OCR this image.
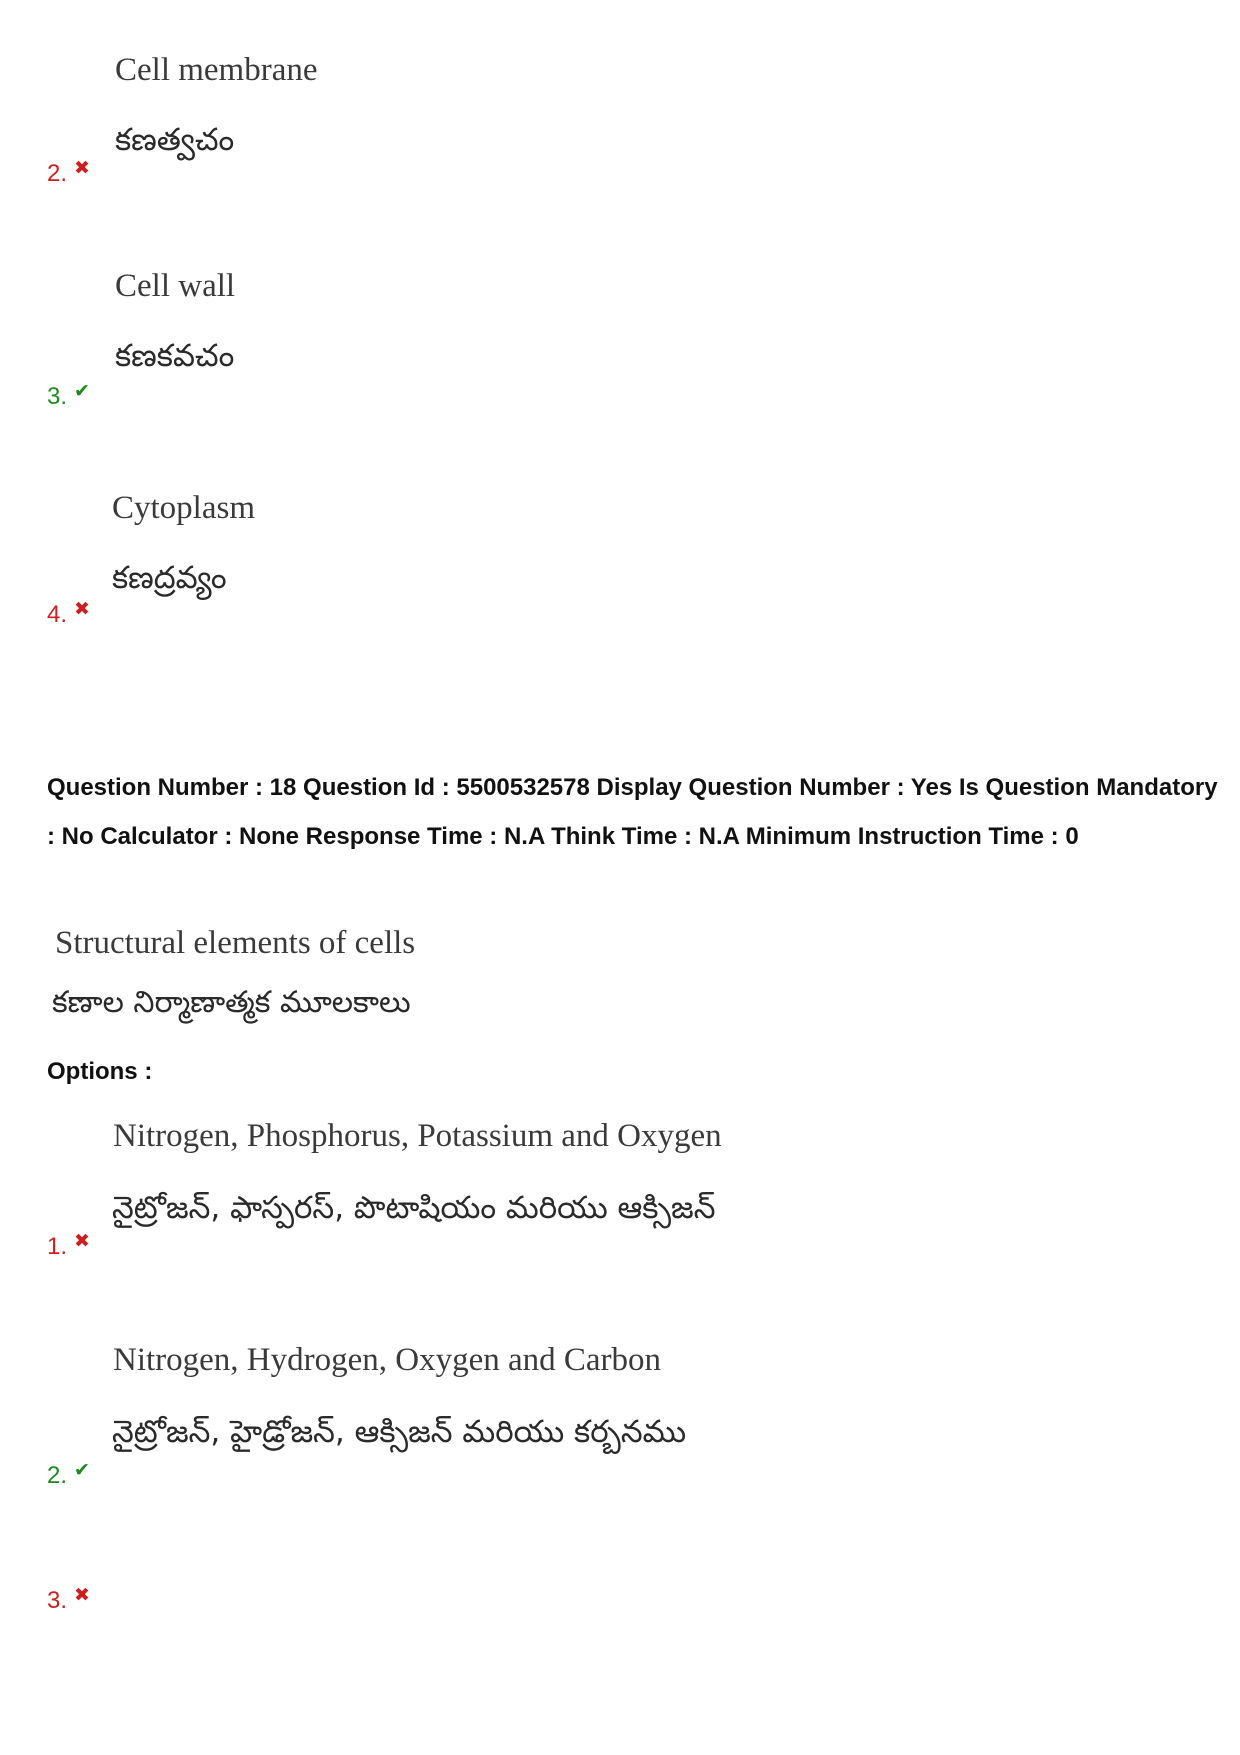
Cell membrane
కణత్వచం
2. ✖
Cell wall
కణకవచం
3. ✔
Cytoplasm
కణద్రవ్యం
4. ✖
Question Number : 18 Question Id : 5500532578 Display Question Number : Yes Is Question Mandatory : No Calculator : None Response Time : N.A Think Time : N.A Minimum Instruction Time : 0
Structural elements of cells
కణాల నిర్మాణాత్మక మూలకాలు
Options :
Nitrogen, Phosphorus, Potassium and Oxygen
నైట్రోజన్, ఫాస్పరస్, పొటాషియం మరియు ఆక్సిజన్
1. ✖
Nitrogen, Hydrogen, Oxygen and Carbon
నైట్రోజన్, హైడ్రోజన్, ఆక్సిజన్ మరియు కర్బనము
2. ✔
3. ✖
